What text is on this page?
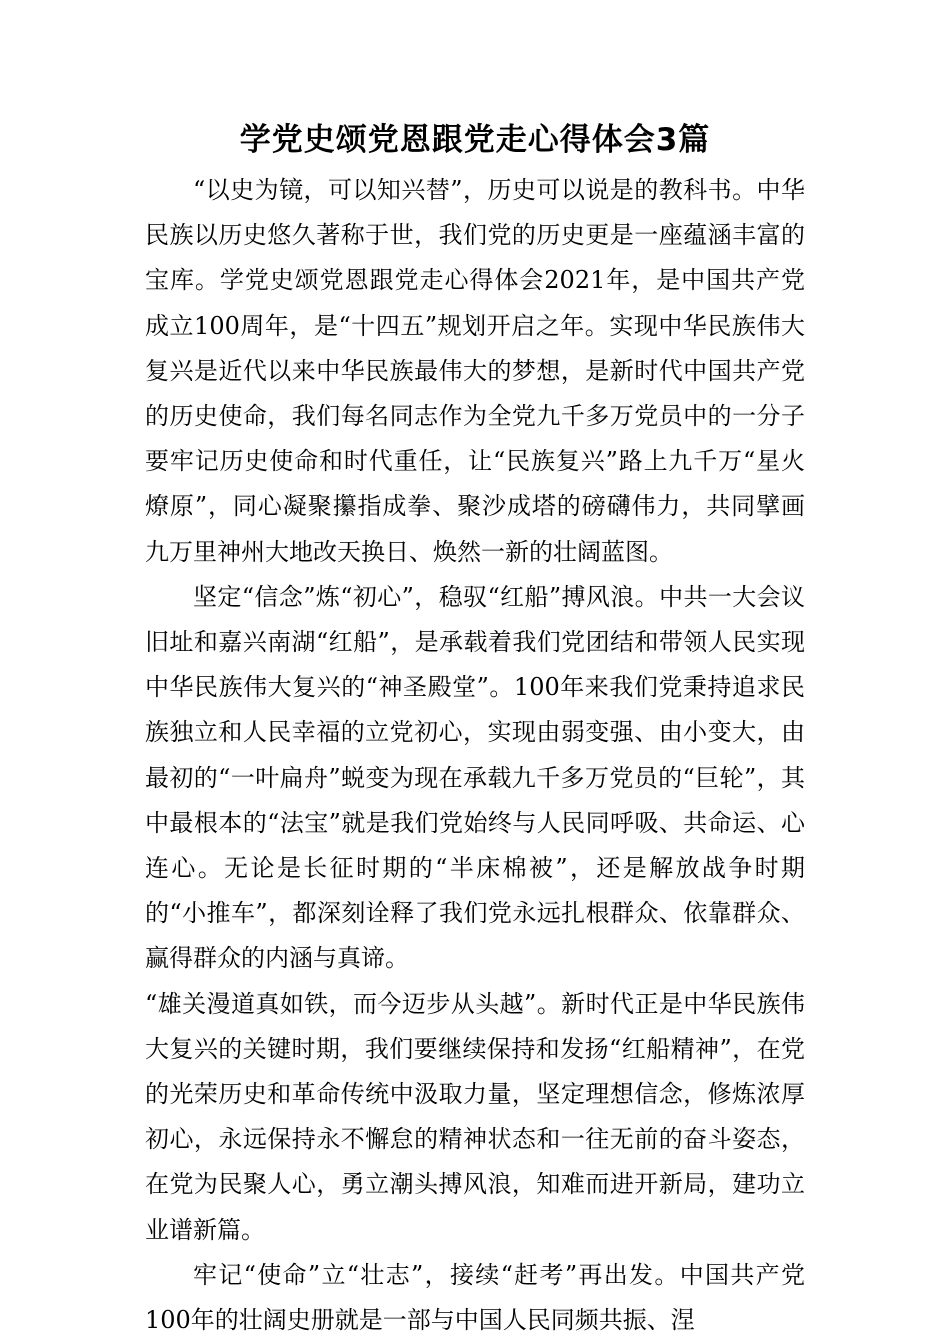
学党史颂党恩跟党走心得体会3篇

“以史为镜，可以知兴替”，历史可以说是的教科书。中华民族以历史悠久著称于世，我们党的历史更是一座蕴涵丰富的宝库。学党史颂党恩跟党走心得体会2021年，是中国共产党成立100周年，是“十四五”规划开启之年。实现中华民族伟大复兴是近代以来中华民族最伟大的梦想，是新时代中国共产党的历史使命，我们每名同志作为全党九千多万党员中的一分子要牢记历史使命和时代重任，让“民族复兴”路上九千万“星火燎原”，同心凝聚攥指成拳、聚沙成塔的磅礴伟力，共同擘画九万里神州大地改天换日、焕然一新的壮阔蓝图。

坚定“信念”炼“初心”，稳驭“红船”搏风浪。中共一大会议旧址和嘉兴南湖“红船”，是承载着我们党团结和带领人民实现中华民族伟大复兴的“神圣殿堂”。100年来我们党秉持追求民族独立和人民幸福的立党初心，实现由弱变强、由小变大，由最初的“一叶扁舟”蜕变为现在承载九千多万党员的“巨轮”，其中最根本的“法宝”就是我们党始终与人民同呼吸、共命运、心连心。无论是长征时期的“半床棉被”，还是解放战争时期的“小推车”，都深刻诠释了我们党永远扎根群众、依靠群众、赢得群众的内涵与真谛。

“雄关漫道真如铁，而今迈步从头越”。新时代正是中华民族伟大复兴的关键时期，我们要继续保持和发扬“红船精神”，在党的光荣历史和革命传统中汲取力量，坚定理想信念，修炼浓厚初心，永远保持永不懈怠的精神状态和一往无前的奋斗姿态，在党为民聚人心，勇立潮头搏风浪，知难而进开新局，建功立业谱新篇。

牢记“使命”立“壮志”，接续“赶考”再出发。中国共产党100年的壮阔史册就是一部与中国人民同频共振、涅
